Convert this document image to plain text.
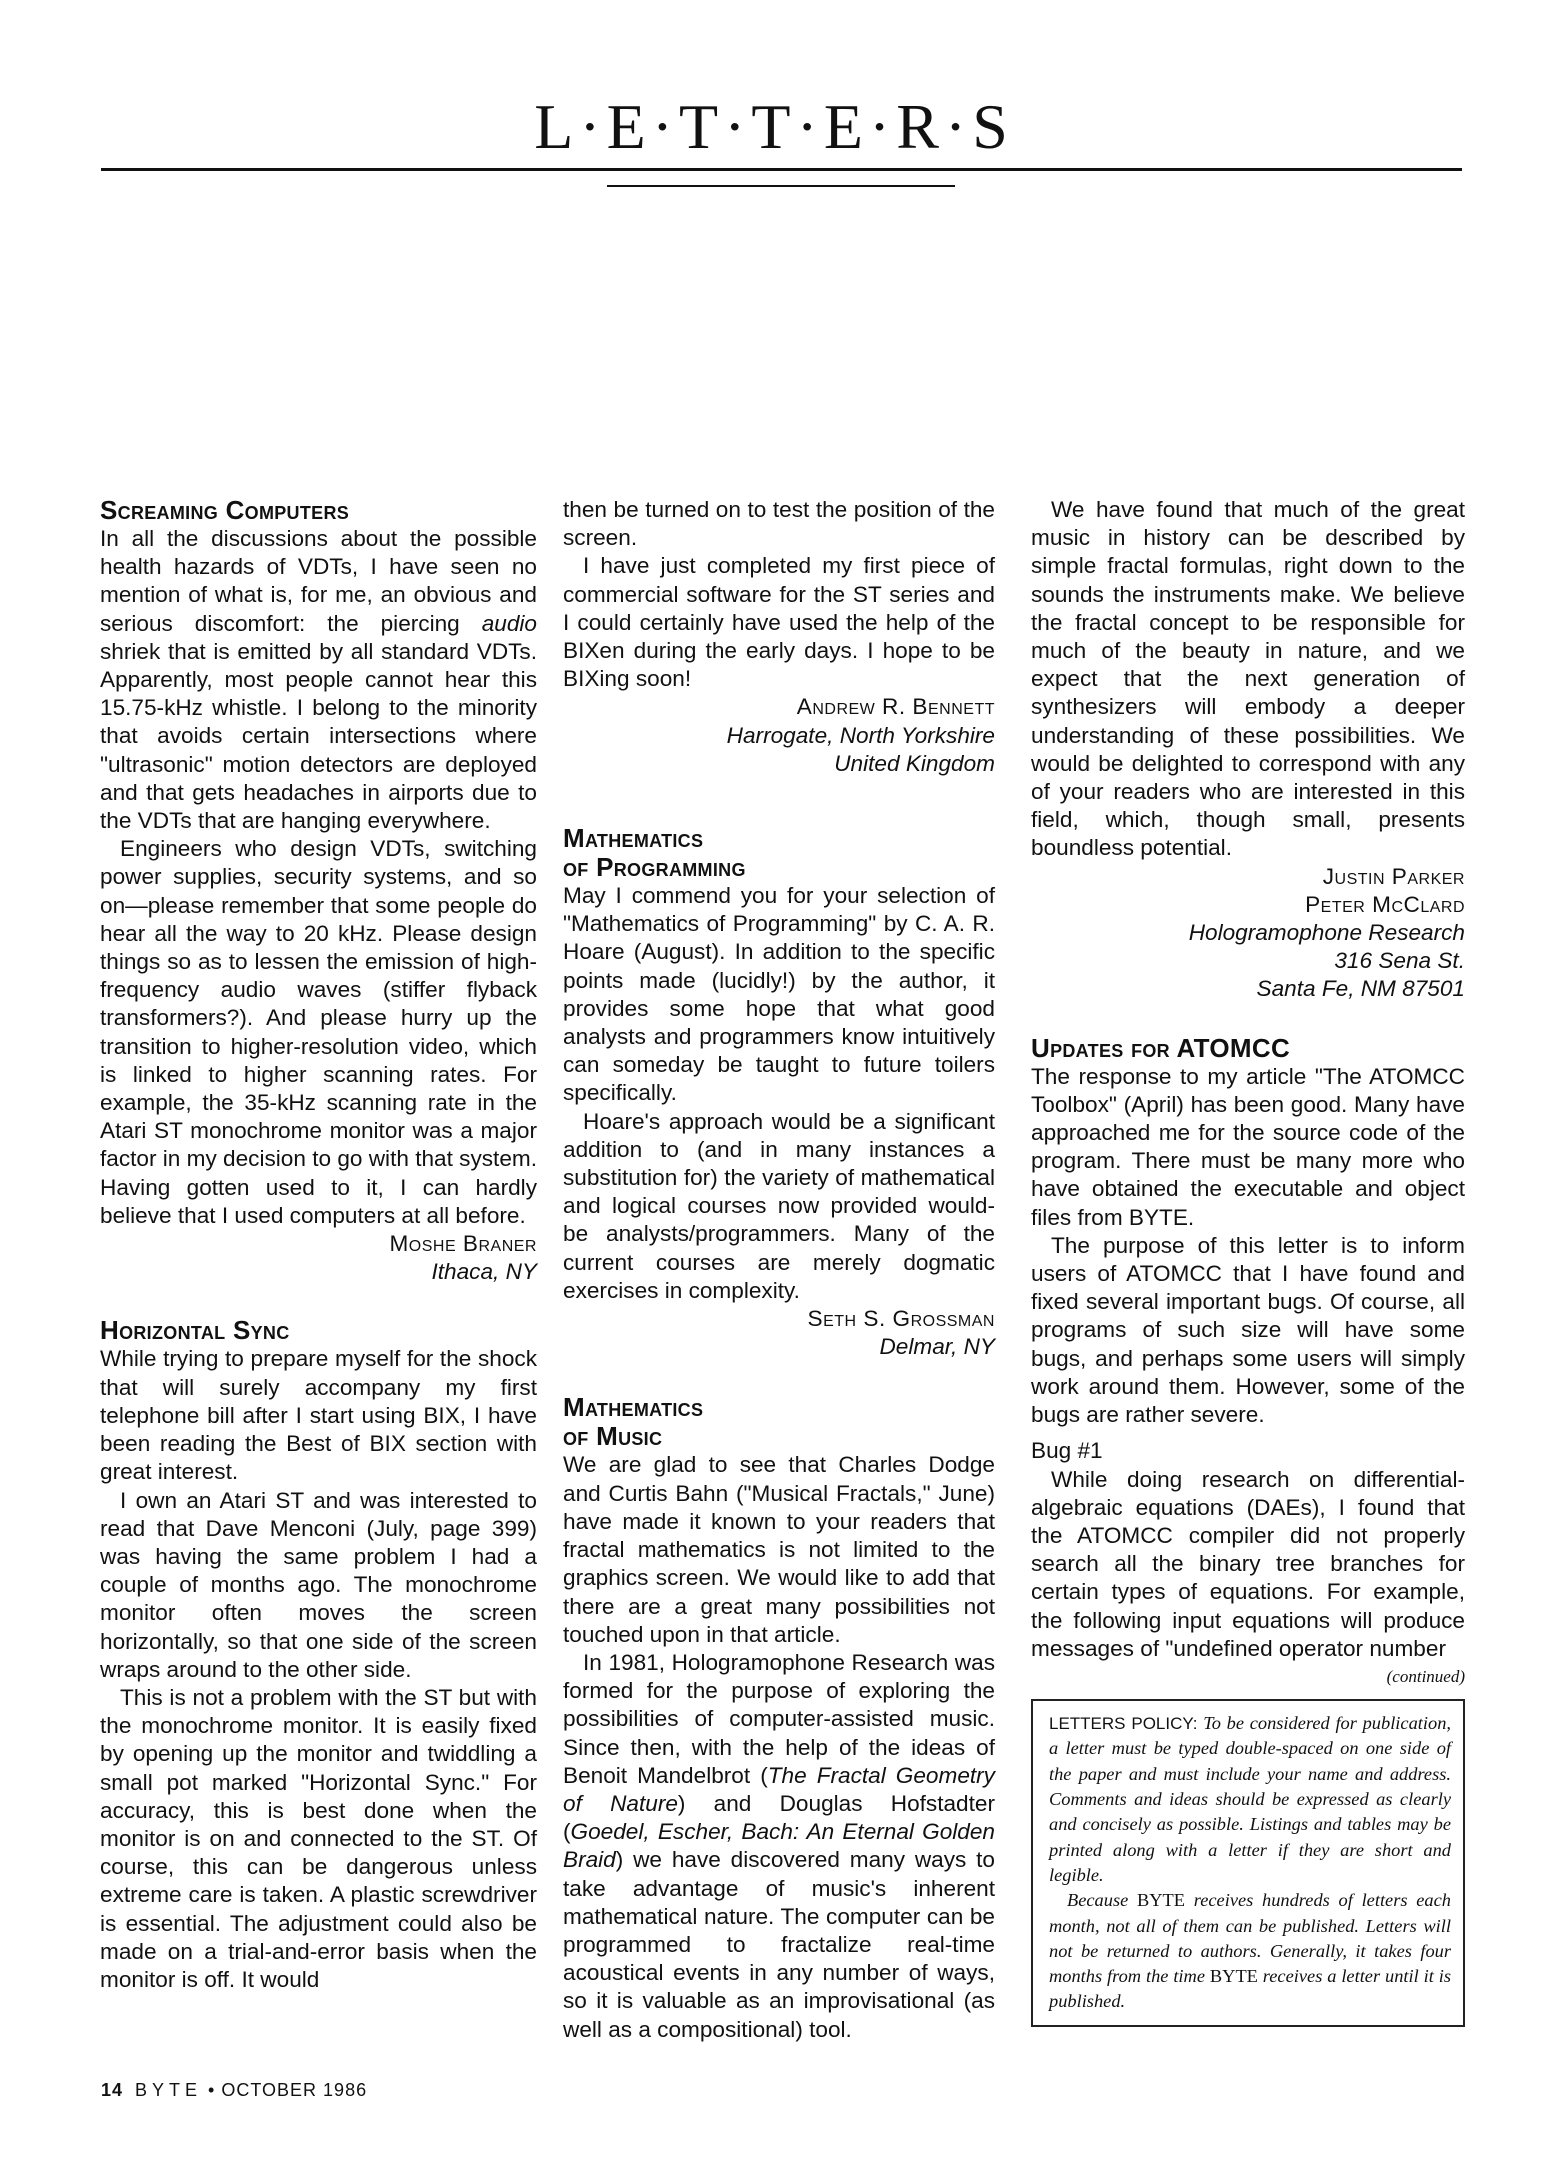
L·E·T·T·E·R·S
Screaming Computers

In all the discussions about the possible health hazards of VDTs, I have seen no mention of what is, for me, an obvious and serious discomfort: the piercing audio shriek that is emitted by all standard VDTs. Apparently, most people cannot hear this 15.75-kHz whistle. I belong to the minority that avoids certain intersections where "ultrasonic" motion detectors are deployed and that gets headaches in airports due to the VDTs that are hanging everywhere.

Engineers who design VDTs, switching power supplies, security systems, and so on—please remember that some people do hear all the way to 20 kHz. Please design things so as to lessen the emission of high-frequency audio waves (stiffer flyback transformers?). And please hurry up the transition to higher-resolution video, which is linked to higher scanning rates. For example, the 35-kHz scanning rate in the Atari ST monochrome monitor was a major factor in my decision to go with that system. Having gotten used to it, I can hardly believe that I used computers at all before.

Moshe Braner
Ithaca, NY
Horizontal Sync

While trying to prepare myself for the shock that will surely accompany my first telephone bill after I start using BIX, I have been reading the Best of BIX section with great interest.

I own an Atari ST and was interested to read that Dave Menconi (July, page 399) was having the same problem I had a couple of months ago. The monochrome monitor often moves the screen horizontally, so that one side of the screen wraps around to the other side.

This is not a problem with the ST but with the monochrome monitor. It is easily fixed by opening up the monitor and twiddling a small pot marked "Horizontal Sync." For accuracy, this is best done when the monitor is on and connected to the ST. Of course, this can be dangerous unless extreme care is taken. A plastic screwdriver is essential. The adjustment could also be made on a trial-and-error basis when the monitor is off. It would

then be turned on to test the position of the screen.

I have just completed my first piece of commercial software for the ST series and I could certainly have used the help of the BIXen during the early days. I hope to be BIXing soon!

Andrew R. Bennett
Harrogate, North Yorkshire
United Kingdom
Mathematics
of Programming

May I commend you for your selection of "Mathematics of Programming" by C. A. R. Hoare (August). In addition to the specific points made (lucidly!) by the author, it provides some hope that what good analysts and programmers know intuitively can someday be taught to future toilers specifically.

Hoare's approach would be a significant addition to (and in many instances a substitution for) the variety of mathematical and logical courses now provided would-be analysts/programmers. Many of the current courses are merely dogmatic exercises in complexity.

Seth S. Grossman
Delmar, NY
Mathematics
of Music

We are glad to see that Charles Dodge and Curtis Bahn ("Musical Fractals," June) have made it known to your readers that fractal mathematics is not limited to the graphics screen. We would like to add that there are a great many possibilities not touched upon in that article.

In 1981, Hologramophone Research was formed for the purpose of exploring the possibilities of computer-assisted music. Since then, with the help of the ideas of Benoit Mandelbrot (The Fractal Geometry of Nature) and Douglas Hofstadter (Goedel, Escher, Bach: An Eternal Golden Braid) we have discovered many ways to take advantage of music's inherent mathematical nature. The computer can be programmed to fractalize real-time acoustical events in any number of ways, so it is valuable as an improvisational (as well as a compositional) tool.

We have found that much of the great music in history can be described by simple fractal formulas, right down to the sounds the instruments make. We believe the fractal concept to be responsible for much of the beauty in nature, and we expect that the next generation of synthesizers will embody a deeper understanding of these possibilities. We would be delighted to correspond with any of your readers who are interested in this field, which, though small, presents boundless potential.

Justin Parker
Peter McClard
Hologramophone Research
316 Sena St.
Santa Fe, NM 87501
Updates for ATOMCC

The response to my article "The ATOMCC Toolbox" (April) has been good. Many have approached me for the source code of the program. There must be many more who have obtained the executable and object files from BYTE.

The purpose of this letter is to inform users of ATOMCC that I have found and fixed several important bugs. Of course, all programs of such size will have some bugs, and perhaps some users will simply work around them. However, some of the bugs are rather severe.

Bug #1

While doing research on differential-algebraic equations (DAEs), I found that the ATOMCC compiler did not properly search all the binary tree branches for certain types of equations. For example, the following input equations will produce messages of "undefined operator number

(continued)

LETTERS POLICY: To be considered for publication, a letter must be typed double-spaced on one side of the paper and must include your name and address. Comments and ideas should be expressed as clearly and concisely as possible. Listings and tables may be printed along with a letter if they are short and legible.

Because BYTE receives hundreds of letters each month, not all of them can be published. Letters will not be returned to authors. Generally, it takes four months from the time BYTE receives a letter until it is published.

14 BYTE • OCTOBER 1986
